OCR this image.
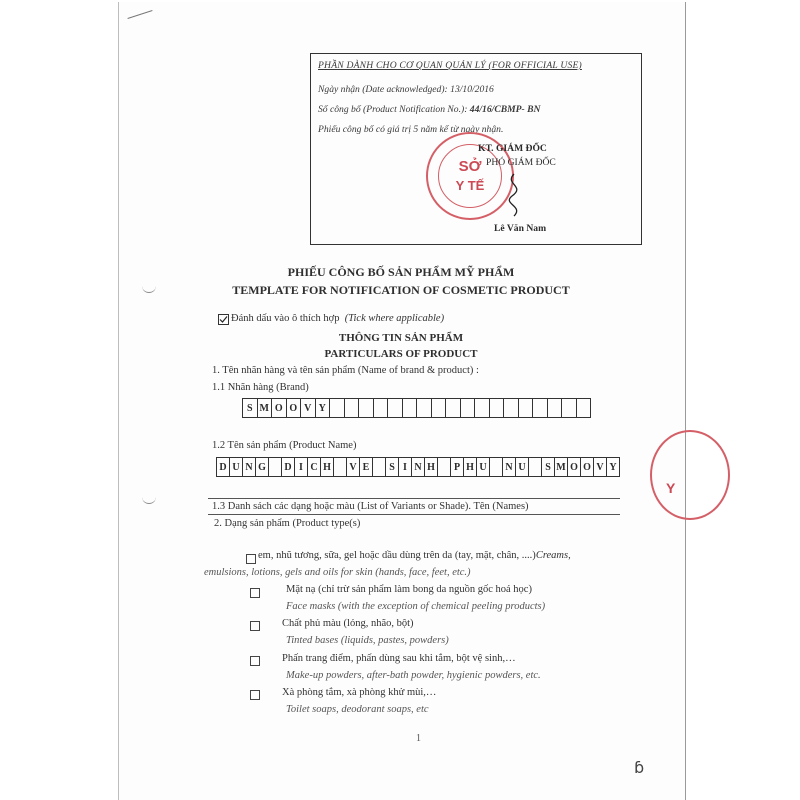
PHẦN DÀNH CHO CƠ QUAN QUẢN LÝ (FOR OFFICIAL USE)
Ngày nhận (Date acknowledged): 13/10/2016
Số công bố (Product Notification No.): 44/16/CBMP- BN
Phiếu công bố có giá trị 5 năm kể từ ngày nhận.
SỞ
Y TẾ
KT. GIÁM ĐỐC
PHÓ GIÁM ĐỐC
Lê Văn Nam
Y
PHIẾU CÔNG BỐ SẢN PHẨM MỸ PHẨM
TEMPLATE FOR NOTIFICATION OF COSMETIC PRODUCT
Đánh dấu vào ô thích hợp (Tick where applicable)
THÔNG TIN SẢN PHẨM
PARTICULARS OF PRODUCT
1. Tên nhãn hàng và tên sản phẩm (Name of brand & product) :
1.1 Nhãn hàng (Brand)
S M O O V Y
1.2 Tên sản phẩm (Product Name)
D U N G	D I C H	V E	S I N H	P H U	N U	S M O O V Y
1.3 Danh sách các dạng hoặc màu (List of Variants or Shade). Tên (Names)
2. Dạng sản phẩm (Product type(s)
em, nhũ tương, sữa, gel hoặc dầu dùng trên da (tay, mặt, chân, ....)Creams,
emulsions, lotions, gels and oils for skin (hands, face, feet, etc.)
Mặt nạ (chỉ trừ sản phẩm làm bong da nguồn gốc hoá học)
Face masks (with the exception of chemical peeling products)
Chất phủ màu (lỏng, nhão, bột)
Tinted bases (liquids, pastes, powders)
Phấn trang điểm, phấn dùng sau khi tắm, bột vệ sinh,…
Make-up powders, after-bath powder, hygienic powders, etc.
Xà phòng tắm, xà phòng khử mùi,…
Toilet soaps, deodorant soaps, etc
1
ɓ
